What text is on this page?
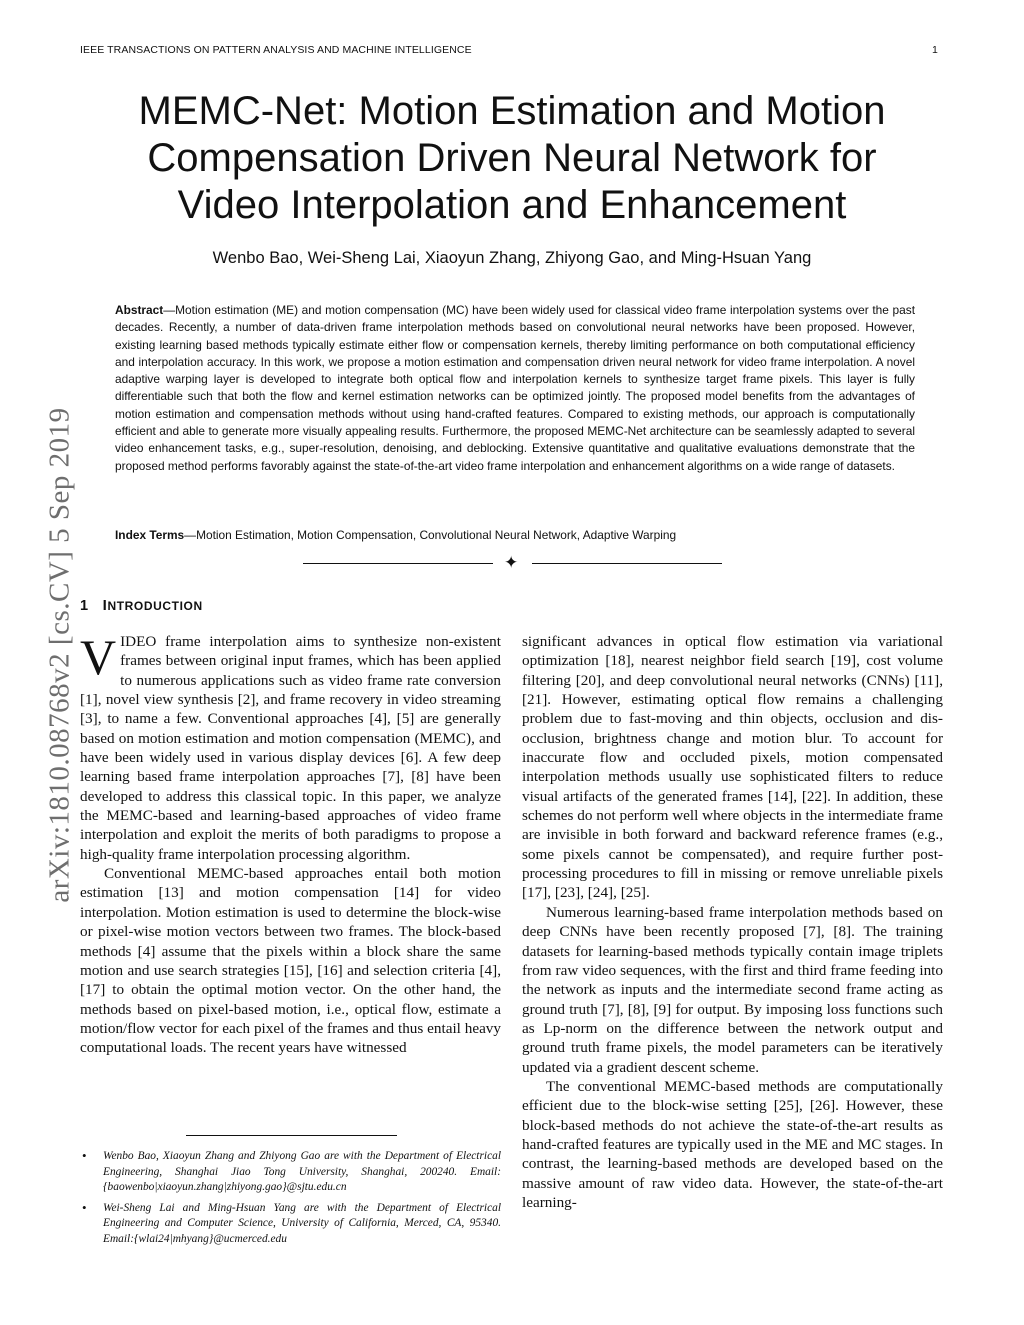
IEEE TRANSACTIONS ON PATTERN ANALYSIS AND MACHINE INTELLIGENCE	1
MEMC-Net: Motion Estimation and Motion
Compensation Driven Neural Network for
Video Interpolation and Enhancement
Wenbo Bao, Wei-Sheng Lai, Xiaoyun Zhang, Zhiyong Gao, and Ming-Hsuan Yang
Abstract—Motion estimation (ME) and motion compensation (MC) have been widely used for classical video frame interpolation systems over the past decades. Recently, a number of data-driven frame interpolation methods based on convolutional neural networks have been proposed. However, existing learning based methods typically estimate either flow or compensation kernels, thereby limiting performance on both computational efficiency and interpolation accuracy. In this work, we propose a motion estimation and compensation driven neural network for video frame interpolation. A novel adaptive warping layer is developed to integrate both optical flow and interpolation kernels to synthesize target frame pixels. This layer is fully differentiable such that both the flow and kernel estimation networks can be optimized jointly. The proposed model benefits from the advantages of motion estimation and compensation methods without using hand-crafted features. Compared to existing methods, our approach is computationally efficient and able to generate more visually appealing results. Furthermore, the proposed MEMC-Net architecture can be seamlessly adapted to several video enhancement tasks, e.g., super-resolution, denoising, and deblocking. Extensive quantitative and qualitative evaluations demonstrate that the proposed method performs favorably against the state-of-the-art video frame interpolation and enhancement algorithms on a wide range of datasets.
Index Terms—Motion Estimation, Motion Compensation, Convolutional Neural Network, Adaptive Warping
✦
arXiv:1810.08768v2 [cs.CV] 5 Sep 2019 1 INTRODUCTION

VIDEO frame interpolation aims to synthesize non-existent frames between original input frames, which has been applied to numerous applications such as video frame rate conversion [1], novel view synthesis [2], and frame recovery in video streaming [3], to name a few. Conventional approaches [4], [5] are generally based on motion estimation and motion compensation (MEMC), and have been widely used in various display devices [6]. A few deep learning based frame interpolation approaches [7], [8] have been developed to address this classical topic. In this paper, we analyze the MEMC-based and learning-based approaches of video frame interpolation and exploit the merits of both paradigms to propose a high-quality frame interpolation processing algorithm.

Conventional MEMC-based approaches entail both motion estimation [13] and motion compensation [14] for video interpolation. Motion estimation is used to determine the block-wise or pixel-wise motion vectors between two frames. The block-based methods [4] assume that the pixels within a block share the same motion and use search strategies [15], [16] and selection criteria [4], [17] to obtain the optimal motion vector. On the other hand, the methods based on pixel-based motion, i.e., optical flow, estimate a motion/flow vector for each pixel of the frames and thus entail heavy computational loads. The recent years have witnessed

significant advances in optical flow estimation via variational optimization [18], nearest neighbor field search [19], cost volume filtering [20], and deep convolutional neural networks (CNNs) [11], [21]. However, estimating optical flow remains a challenging problem due to fast-moving and thin objects, occlusion and dis-occlusion, brightness change and motion blur. To account for inaccurate flow and occluded pixels, motion compensated interpolation methods usually use sophisticated filters to reduce visual artifacts of the generated frames [14], [22]. In addition, these schemes do not perform well where objects in the intermediate frame are invisible in both forward and backward reference frames (e.g., some pixels cannot be compensated), and require further post-processing procedures to fill in missing or remove unreliable pixels [17], [23], [24], [25].

Numerous learning-based frame interpolation methods based on deep CNNs have been recently proposed [7], [8]. The training datasets for learning-based methods typically contain image triplets from raw video sequences, with the first and third frame feeding into the network as inputs and the intermediate second frame acting as ground truth [7], [8], [9] for output. By imposing loss functions such as Lp-norm on the difference between the network output and ground truth frame pixels, the model parameters can be iteratively updated via a gradient descent scheme.

The conventional MEMC-based methods are computationally efficient due to the block-wise setting [25], [26]. However, these block-based methods do not achieve the state-of-the-art results as hand-crafted features are typically used in the ME and MC stages. In contrast, the learning-based methods are developed based on the massive amount of raw video data. However, the state-of-the-art learning-

• Wenbo Bao, Xiaoyun Zhang and Zhiyong Gao are with the Department of Electrical Engineering, Shanghai Jiao Tong University, Shanghai, 200240. Email: {baowenbo|xiaoyun.zhang|zhiyong.gao}@sjtu.edu.cn
• Wei-Sheng Lai and Ming-Hsuan Yang are with the Department of Electrical Engineering and Computer Science, University of California, Merced, CA, 95340. Email:{wlai24|mhyang}@ucmerced.edu
